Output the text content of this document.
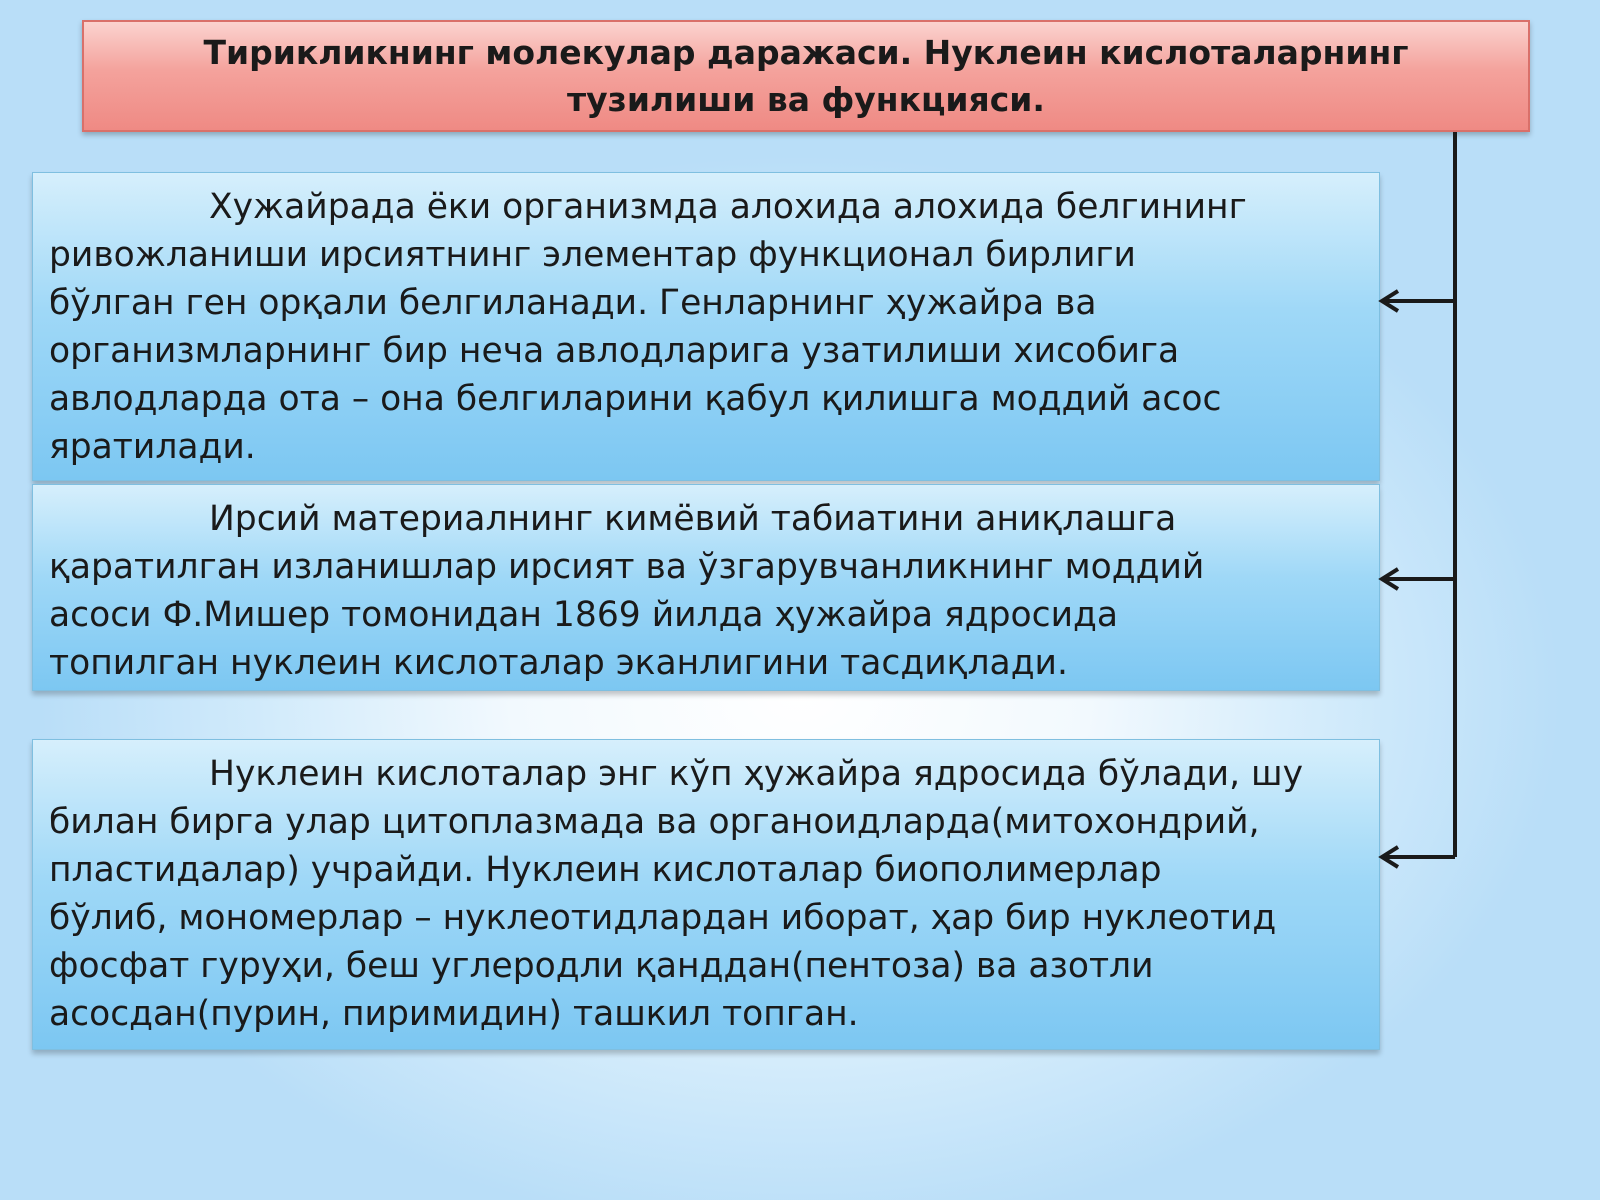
Тирикликнинг молекулар даражаси. Нуклеин кислоталарнинг
тузилиши ва функцияси.

Хужайрада ёки организмда алохида алохида белгининг
ривожланиши ирсиятнинг элементар функционал бирлиги
бўлган ген орқали белгиланади. Генларнинг ҳужайра ва
организмларнинг бир неча авлодларига узатилиши хисобига
авлодларда ота – она белгиларини қабул қилишга моддий асос
яратилади.

Ирсий материалнинг кимёвий табиатини аниқлашга
қаратилган изланишлар ирсият ва ўзгарувчанликнинг моддий
асоси Ф.Мишер томонидан 1869 йилда ҳужайра ядросида
топилган нуклеин кислоталар эканлигини тасдиқлади.

Нуклеин кислоталар энг кўп ҳужайра ядросида бўлади, шу
билан бирга улар цитоплазмада ва органоидларда(митохондрий,
пластидалар) учрайди. Нуклеин кислоталар биополимерлар
бўлиб, мономерлар – нуклеотидлардан иборат, ҳар бир нуклеотид
фосфат гуруҳи, беш углеродли қанддан(пентоза) ва азотли
асосдан(пурин, пиримидин) ташкил топган.
